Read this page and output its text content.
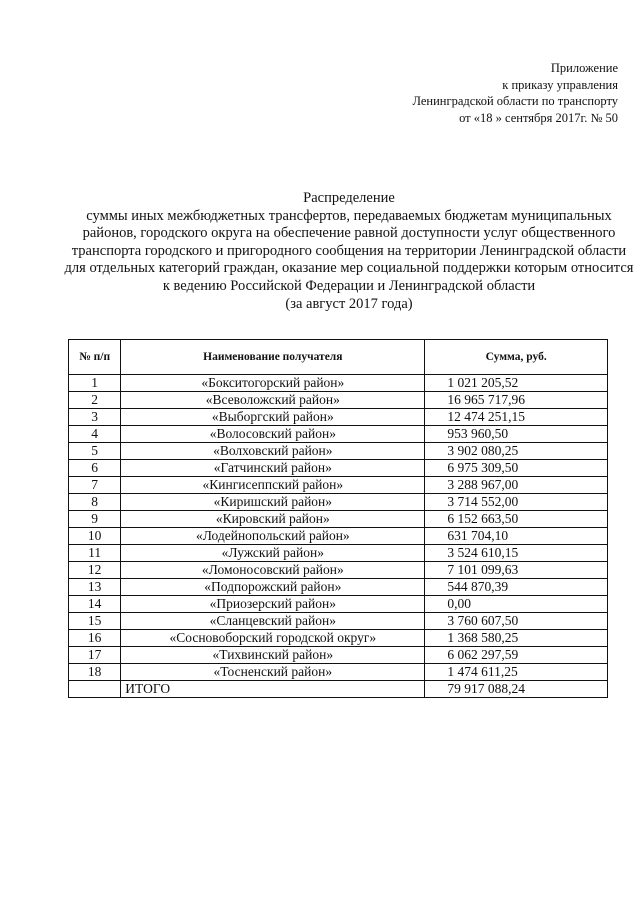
Приложение
к приказу управления
Ленинградской области по транспорту
от «18 » сентября 2017г. № 50
Распределение
суммы иных межбюджетных трансфертов, передаваемых бюджетам муниципальных районов, городского округа на обеспечение равной доступности услуг общественного транспорта городского и пригородного сообщения на территории Ленинградской области для отдельных категорий граждан, оказание мер социальной поддержки которым относится к ведению Российской Федерации и Ленинградской области
(за август 2017 года)
№ п/п	Наименование получателя	Сумма, руб.
1	«Бокситогорский район»	1 021 205,52
2	«Всеволожский район»	16 965 717,96
3	«Выборгский район»	12 474 251,15
4	«Волосовский район»	953 960,50
5	«Волховский район»	3 902 080,25
6	«Гатчинский район»	6 975 309,50
7	«Кингисеппский район»	3 288 967,00
8	«Киришский район»	3 714 552,00
9	«Кировский район»	6 152 663,50
10	«Лодейнопольский район»	631 704,10
11	«Лужский район»	3 524 610,15
12	«Ломоносовский район»	7 101 099,63
13	«Подпорожский район»	544 870,39
14	«Приозерский район»	0,00
15	«Сланцевский район»	3 760 607,50
16	«Сосновоборский городской округ»	1 368 580,25
17	«Тихвинский район»	6 062 297,59
18	«Тосненский район»	1 474 611,25
	ИТОГО	79 917 088,24
